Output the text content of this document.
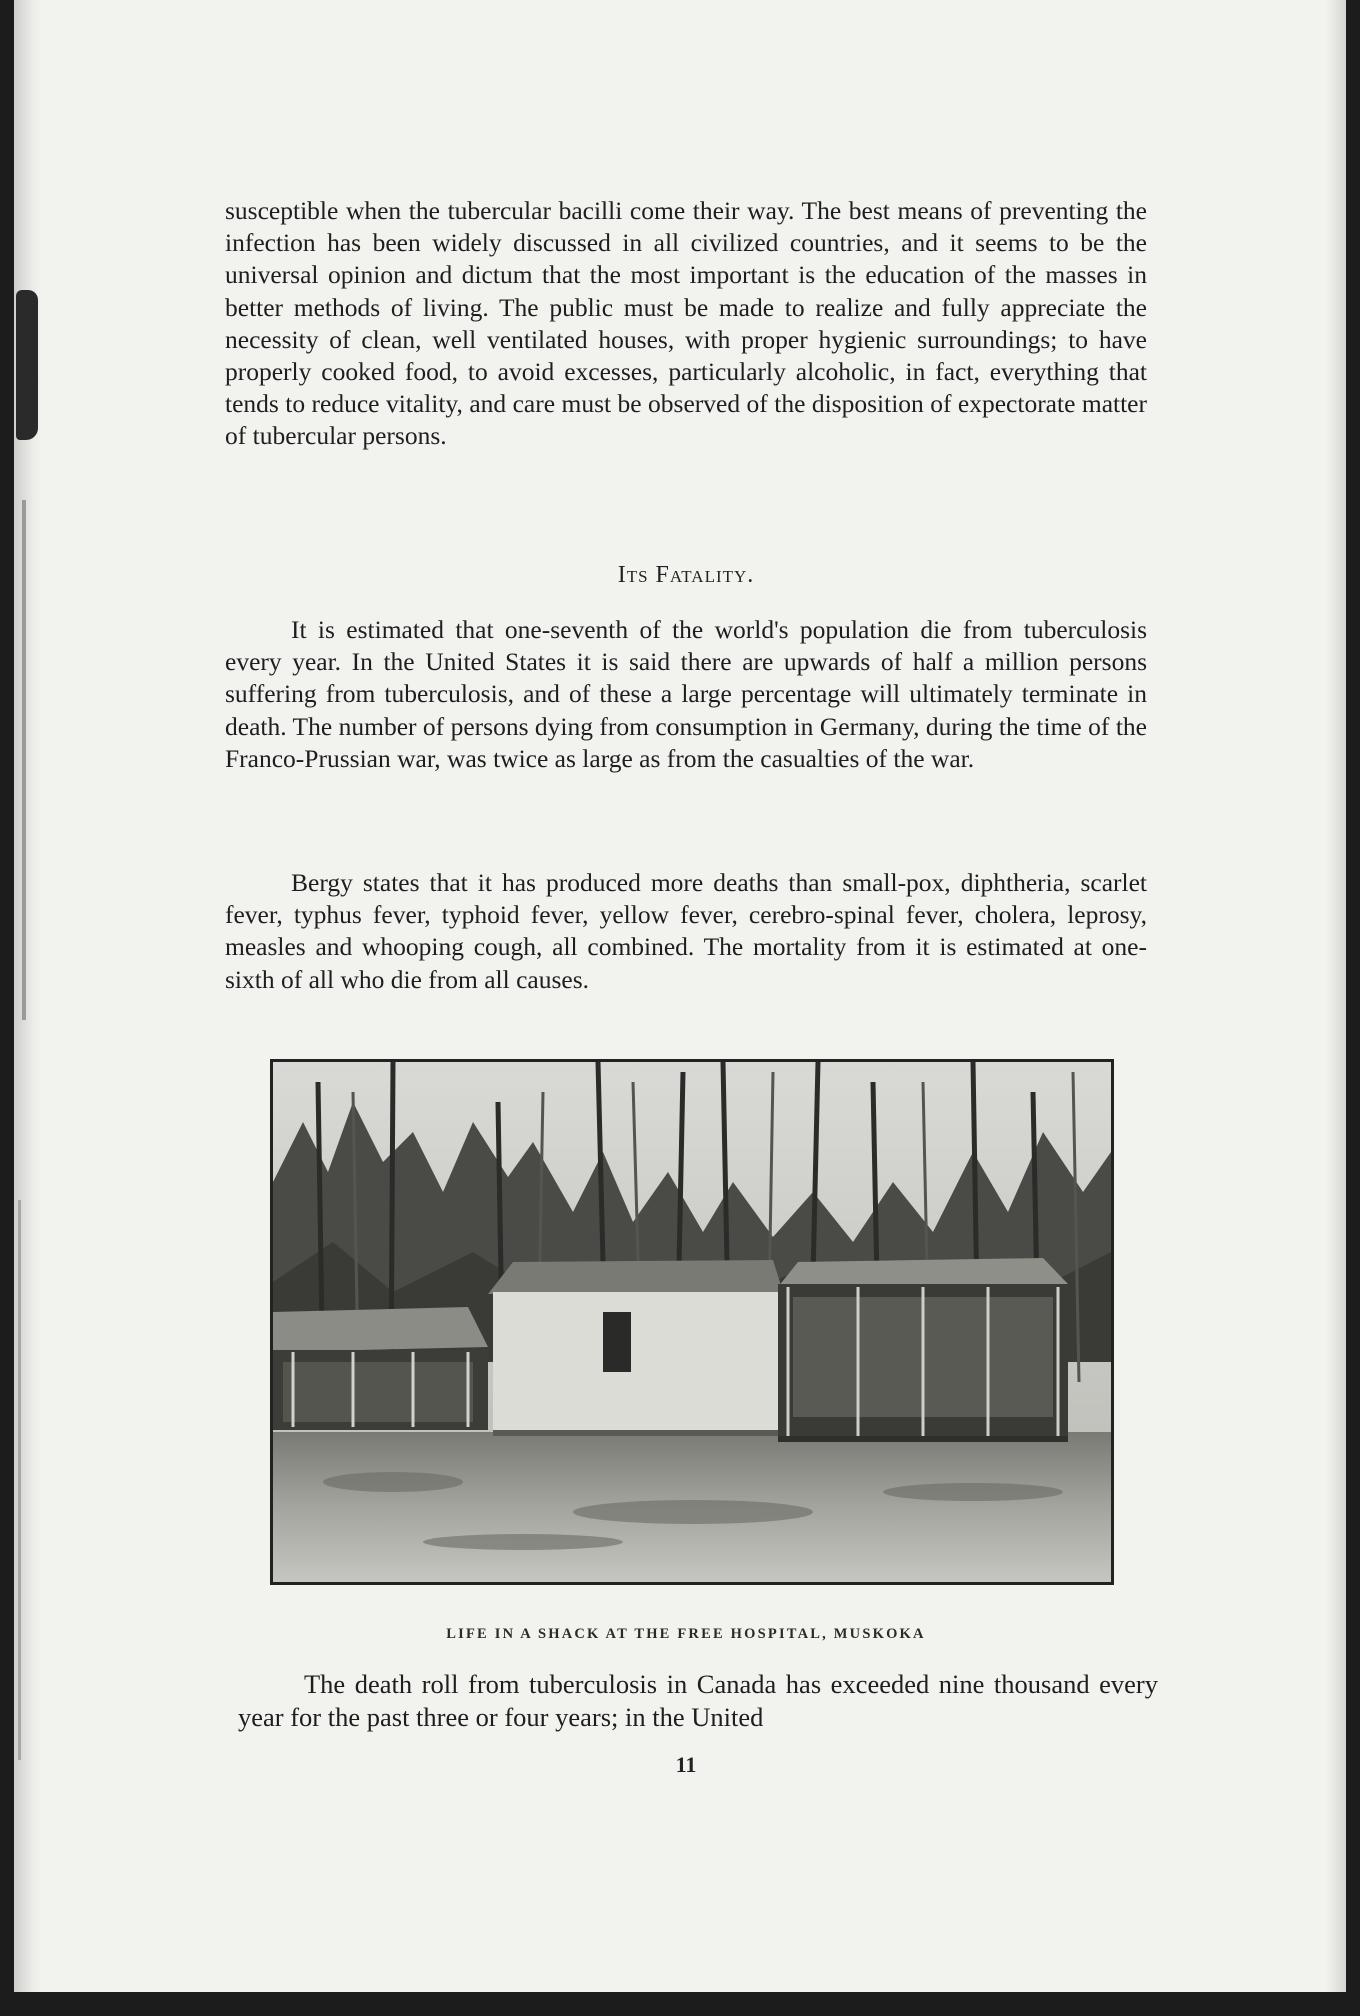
susceptible when the tubercular bacilli come their way. The best means of preventing the infection has been widely discussed in all civilized countries, and it seems to be the universal opinion and dictum that the most important is the education of the masses in better methods of living. The public must be made to realize and fully appreciate the necessity of clean, well ventilated houses, with proper hygienic surroundings; to have properly cooked food, to avoid excesses, particularly alcoholic, in fact, everything that tends to reduce vitality, and care must be observed of the disposition of expectorate matter of tubercular persons.
Its Fatality.
It is estimated that one-seventh of the world's population die from tuberculosis every year. In the United States it is said there are upwards of half a million persons suffering from tuberculosis, and of these a large percentage will ultimately terminate in death. The number of persons dying from consumption in Germany, during the time of the Franco-Prussian war, was twice as large as from the casualties of the war.
Bergy states that it has produced more deaths than small-pox, diphtheria, scarlet fever, typhus fever, typhoid fever, yellow fever, cerebro-spinal fever, cholera, leprosy, measles and whooping cough, all combined. The mortality from it is estimated at one-sixth of all who die from all causes.
LIFE IN A SHACK AT THE FREE HOSPITAL, MUSKOKA
The death roll from tuberculosis in Canada has exceeded nine thousand every year for the past three or four years; in the United
11
